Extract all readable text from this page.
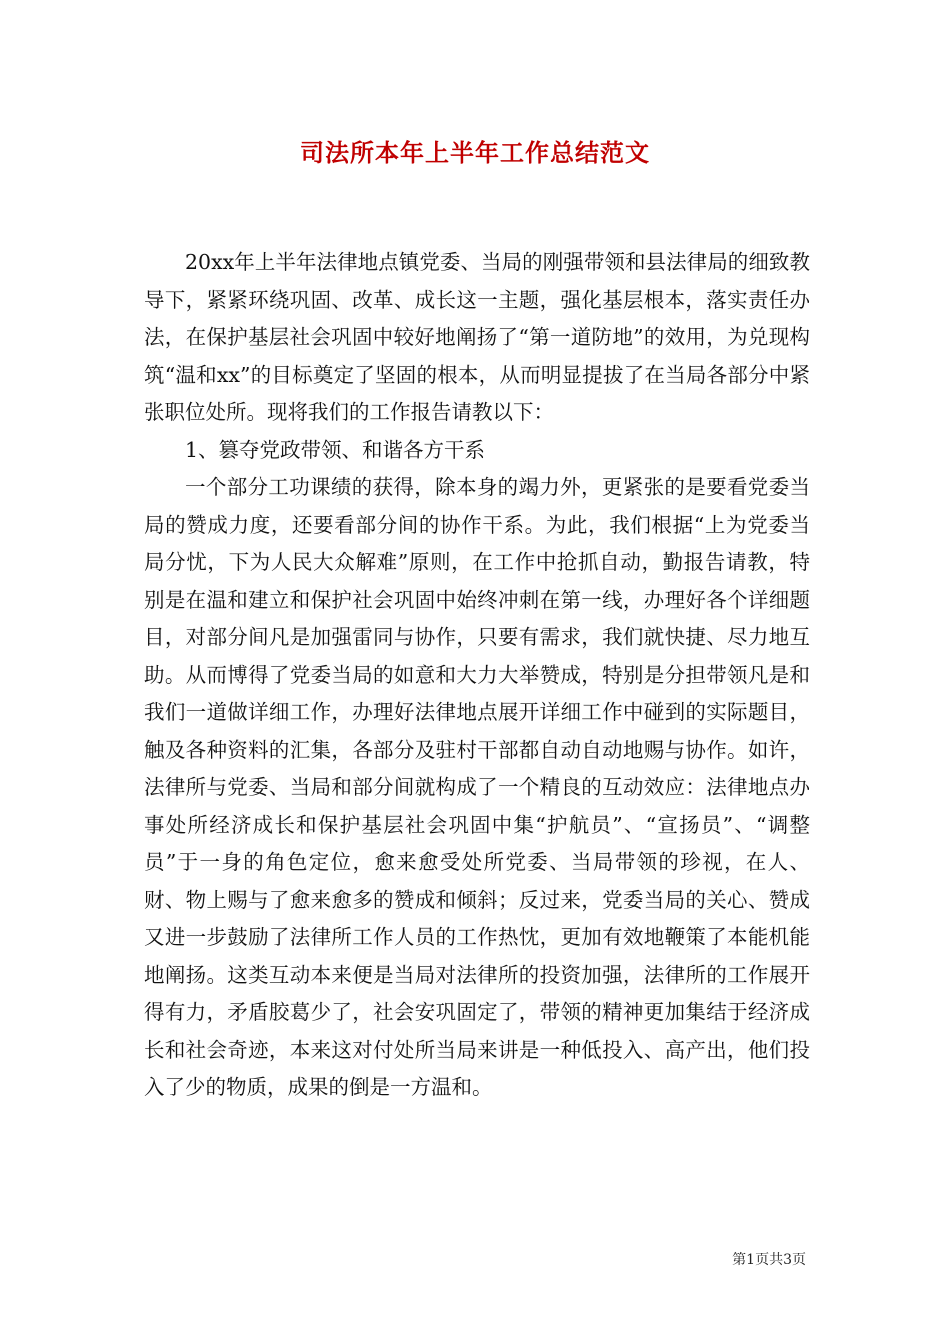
司法所本年上半年工作总结范文

20xx年上半年法律地点镇党委、当局的刚强带领和县法律局的细致教导下，紧紧环绕巩固、改革、成长这一主题，强化基层根本，落实责任办法，在保护基层社会巩固中较好地阐扬了“第一道防地”的效用，为兑现构筑“温和xx”的目标奠定了坚固的根本，从而明显提拔了在当局各部分中紧张职位处所。现将我们的工作报告请教以下：

1、篡夺党政带领、和谐各方干系

一个部分工功课绩的获得，除本身的竭力外，更紧张的是要看党委当局的赞成力度，还要看部分间的协作干系。为此，我们根据“上为党委当局分忧，下为人民大众解难”原则，在工作中抢抓自动，勤报告请教，特别是在温和建立和保护社会巩固中始终冲刺在第一线，办理好各个详细题目，对部分间凡是加强雷同与协作，只要有需求，我们就快捷、尽力地互助。从而博得了党委当局的如意和大力大举赞成，特别是分担带领凡是和我们一道做详细工作，办理好法律地点展开详细工作中碰到的实际题目，触及各种资料的汇集，各部分及驻村干部都自动自动地赐与协作。如许，法律所与党委、当局和部分间就构成了一个精良的互动效应：法律地点办事处所经济成长和保护基层社会巩固中集“护航员”、“宣扬员”、“调整员”于一身的角色定位，愈来愈受处所党委、当局带领的珍视，在人、财、物上赐与了愈来愈多的赞成和倾斜；反过来，党委当局的关心、赞成又进一步鼓励了法律所工作人员的工作热忱，更加有效地鞭策了本能机能地阐扬。这类互动本来便是当局对法律所的投资加强，法律所的工作展开得有力，矛盾胶葛少了，社会安巩固定了，带领的精神更加集结于经济成长和社会奇迹，本来这对付处所当局来讲是一种低投入、高产出，他们投入了少的物质，成果的倒是一方温和。

第1页共3页
